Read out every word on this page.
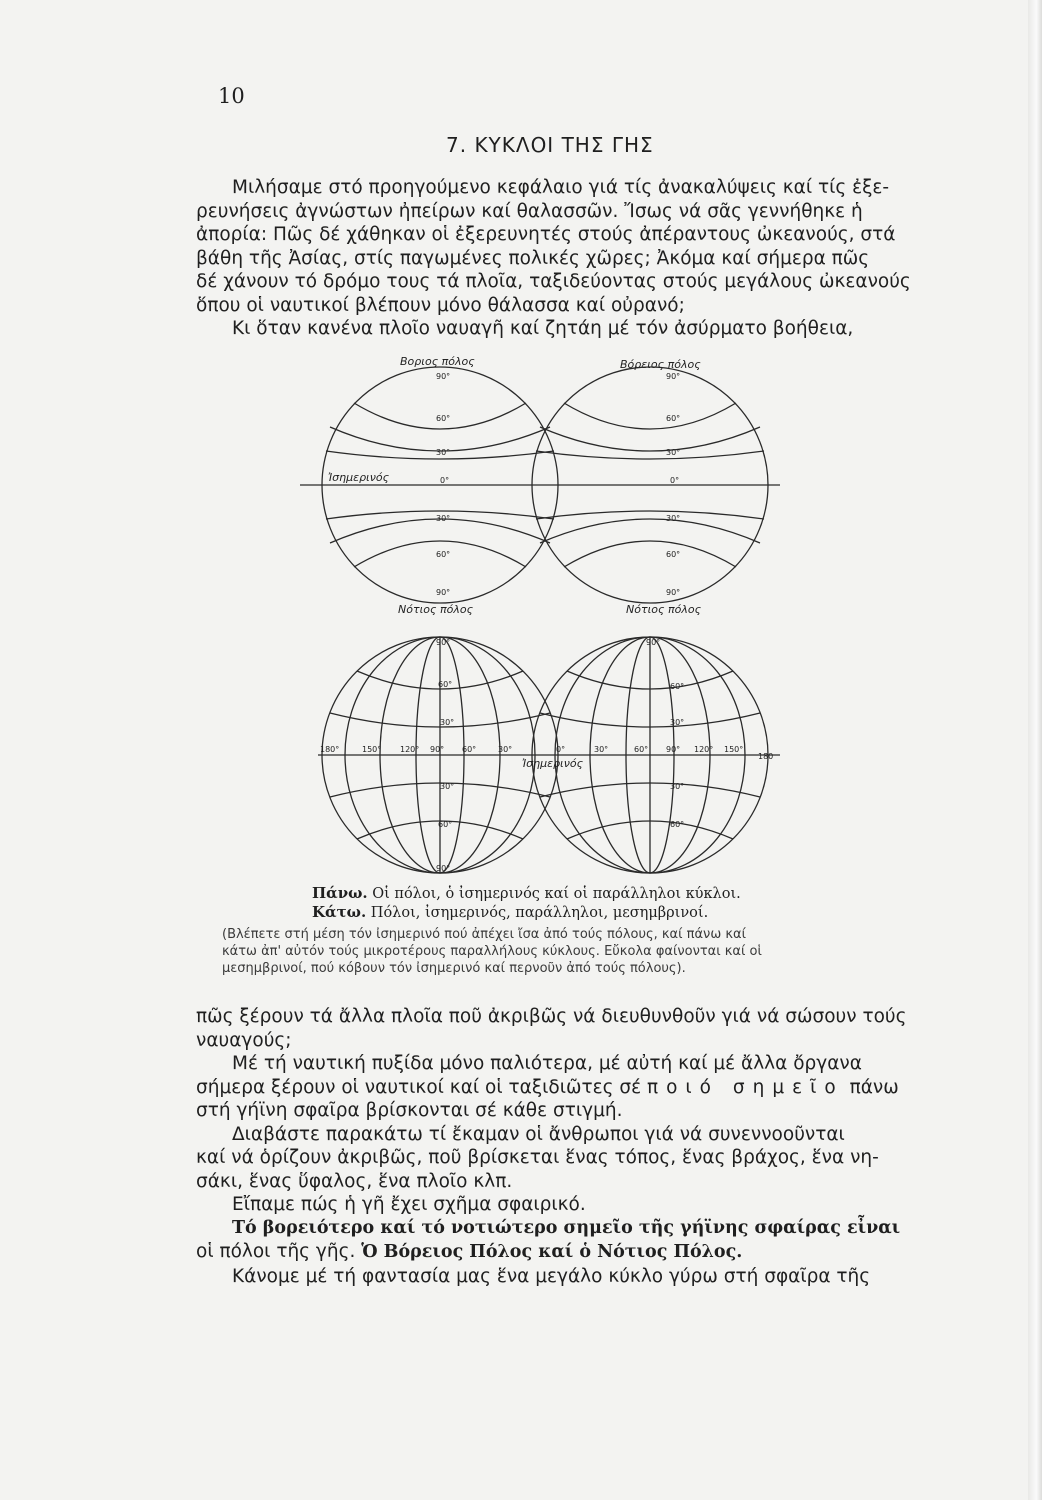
10
7. ΚΥΚΛΟΙ ΤΗΣ ΓΗΣ

Μιλήσαμε στό προηγούμενο κεφάλαιο γιά τίς ἀνακαλύψεις καί τίς ἐξε-
ρευνήσεις ἀγνώστων ἠπείρων καί θαλασσῶν. Ἴσως νά σᾶς γεννήθηκε ἡ
ἀπορία: Πῶς δέ χάθηκαν οἱ ἐξερευνητές στούς ἀπέραντους ὠκεανούς, στά
βάθη τῆς Ἀσίας, στίς παγωμένες πολικές χῶρες; Ἀκόμα καί σήμερα πῶς
δέ χάνουν τό δρόμο τους τά πλοῖα, ταξιδεύοντας στούς μεγάλους ὠκεανούς
ὅπου οἱ ναυτικοί βλέπουν μόνο θάλασσα καί οὐρανό;
Κι ὅταν κανένα πλοῖο ναυαγῆ καί ζητάη μέ τόν ἀσύρματο βοήθεια,

Βοριος πόλος	Βόρειος πόλος
Ἰσημερινός
Νότιος πόλος	Νότιος πόλος
90°
60°
30°
0°
30°
60°
90°
90°
60°
30°
0°
30°
60°
90°
90°
60°
30°
30°
60°
90°
90°
60°
30°
30°
60°
180°	150° 120° 90° 60°	30°	0°	30°	60° 90° 120° 150°
180
Ἰσημερινός
Πάνω. Οἱ πόλοι, ὁ ἰσημερινός καί οἱ παράλληλοι κύκλοι.
Κάτω. Πόλοι, ἰσημερινός, παράλληλοι, μεσημβρινοί.
(Βλέπετε στή μέση τόν ἰσημερινό πού ἀπέχει ἴσα ἀπό τούς πόλους, καί πάνω καί
κάτω ἀπ' αὐτόν τούς μικροτέρους παραλλήλους κύκλους. Εὔκολα φαίνονται καί οἱ
μεσημβρινοί, πού κόβουν τόν ἰσημερινό καί περνοῦν ἀπό τούς πόλους).
πῶς ξέρουν τά ἄλλα πλοῖα ποῦ ἀκριβῶς νά διευθυνθοῦν γιά νά σώσουν τούς
ναυαγούς;
Μέ τή ναυτική πυξίδα μόνο παλιότερα, μέ αὐτή καί μέ ἄλλα ὄργανα
σήμερα ξέρουν οἱ ναυτικοί καί οἱ ταξιδιῶτες σέ ποιό σημεῖο πάνω
στή γήϊνη σφαῖρα βρίσκονται σέ κάθε στιγμή.
Διαβάστε παρακάτω τί ἔκαμαν οἱ ἄνθρωποι γιά νά συνεννοοῦνται
καί νά ὁρίζουν ἀκριβῶς, ποῦ βρίσκεται ἕνας τόπος, ἕνας βράχος, ἕνα νη-
σάκι, ἕνας ὕφαλος, ἕνα πλοῖο κλπ.
Εἴπαμε πώς ἡ γῆ ἔχει σχῆμα σφαιρικό.
Τό βορειότερο καί τό νοτιώτερο σημεῖο τῆς γήϊνης σφαίρας εἶναι
οἱ πόλοι τῆς γῆς. Ὁ Βόρειος Πόλος καί ὁ Νότιος Πόλος.
Κάνομε μέ τή φαντασία μας ἕνα μεγάλο κύκλο γύρω στή σφαῖρα τῆς
